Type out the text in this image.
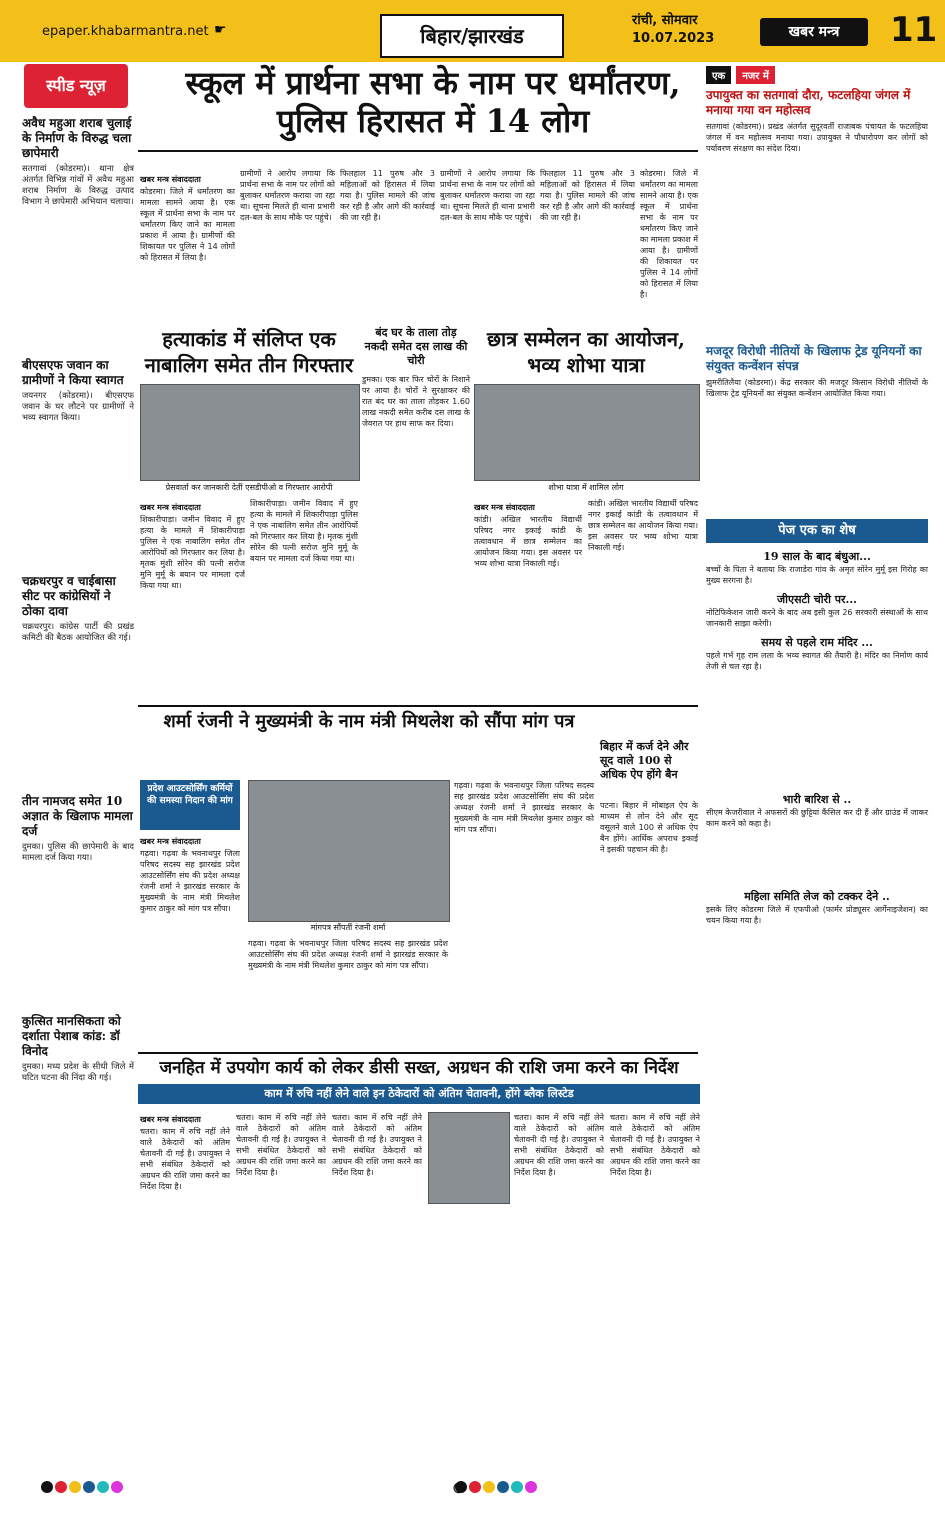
epaper.khabarmantra.net ☛	बिहार/झारखंड
रांची, सोमवार
10.07.2023	खबर मन्त्र	11
स्पीड न्यूज़	स्कूल में प्रार्थना सभा के नाम पर धर्मांतरण, पुलिस हिरासत में 14 लोग
अवैध महुआ शराब चुलाई के निर्माण के विरुद्ध चला छापेमारी
सतगावां (कोडरमा)। थाना क्षेत्र अंतर्गत विभिन्न गांवों में अवैध महुआ शराब निर्माण के विरुद्ध उत्पाद विभाग ने छापेमारी अभियान चलाया।
बीएसएफ जवान का ग्रामीणों ने किया स्वागत
जयनगर (कोडरमा)। बीएसएफ जवान के घर लौटने पर ग्रामीणों ने भव्य स्वागत किया।
चक्रधरपुर व चाईबासा सीट पर कांग्रेसियों ने ठोका दावा
चक्रधरपुर। कांग्रेस पार्टी की प्रखंड कमिटी की बैठक आयोजित की गई।
तीन नामजद समेत 10 अज्ञात के खिलाफ मामला दर्ज
दुमका। पुलिस की छापेमारी के बाद मामला दर्ज किया गया।
कुत्सित मानसिकता को दर्शाता पेशाब कांड: डॉ विनोद
दुमका। मध्य प्रदेश के सीधी जिले में घटित घटना की निंदा की गई।
खबर मन्त्र संवाददाता
कोडरमा। जिले में धर्मांतरण का मामला सामने आया है। एक स्कूल में प्रार्थना सभा के नाम पर धर्मांतरण किए जाने का मामला प्रकाश में आया है। ग्रामीणों की शिकायत पर पुलिस ने 14 लोगों को हिरासत में लिया है।
ग्रामीणों ने आरोप लगाया कि प्रार्थना सभा के नाम पर लोगों को बुलाकर धर्मांतरण कराया जा रहा था। सूचना मिलते ही थाना प्रभारी दल-बल के साथ मौके पर पहुंचे।
फिलहाल 11 पुरुष और 3 महिलाओं को हिरासत में लिया गया है। पुलिस मामले की जांच कर रही है और आगे की कार्रवाई की जा रही है।
ग्रामीणों ने आरोप लगाया कि प्रार्थना सभा के नाम पर लोगों को बुलाकर धर्मांतरण कराया जा रहा था। सूचना मिलते ही थाना प्रभारी दल-बल के साथ मौके पर पहुंचे।
फिलहाल 11 पुरुष और 3 महिलाओं को हिरासत में लिया गया है। पुलिस मामले की जांच कर रही है और आगे की कार्रवाई की जा रही है।
कोडरमा। जिले में धर्मांतरण का मामला सामने आया है। एक स्कूल में प्रार्थना सभा के नाम पर धर्मांतरण किए जाने का मामला प्रकाश में आया है। ग्रामीणों की शिकायत पर पुलिस ने 14 लोगों को हिरासत में लिया है।
हत्याकांड में संलिप्त एक नाबालिग समेत तीन गिरफ्तार
प्रेसवार्ता कर जानकारी देतीं एसडीपीओ व गिरफ्तार आरोपी
खबर मन्त्र संवाददाता
शिकारीपाड़ा। जमीन विवाद में हुए हत्या के मामले में शिकारीपाड़ा पुलिस ने एक नाबालिग समेत तीन आरोपियों को गिरफ्तार कर लिया है। मृतक मुंशी सोरेन की पत्नी सरोज मुनि मुर्मू के बयान पर मामला दर्ज किया गया था।
शिकारीपाड़ा। जमीन विवाद में हुए हत्या के मामले में शिकारीपाड़ा पुलिस ने एक नाबालिग समेत तीन आरोपियों को गिरफ्तार कर लिया है। मृतक मुंशी सोरेन की पत्नी सरोज मुनि मुर्मू के बयान पर मामला दर्ज किया गया था।
बंद घर के ताला तोड़ नकदी समेत दस लाख की चोरी
डुमका। एक बार फिर चोरों के निशाने पर आया है। चोरों ने सुरक्षाकर की रात बंद घर का ताला तोड़कर 1.60 लाख नकदी समेत करीब दस लाख के जेवरात पर हाथ साफ कर दिया।
छात्र सम्मेलन का आयोजन, भव्य शोभा यात्रा
शोभा यात्रा में शामिल लोग
खबर मन्त्र संवाददाता
कांडी। अखिल भारतीय विद्यार्थी परिषद नगर इकाई कांडी के तत्वावधान में छात्र सम्मेलन का आयोजन किया गया। इस अवसर पर भव्य शोभा यात्रा निकाली गई।
कांडी। अखिल भारतीय विद्यार्थी परिषद नगर इकाई कांडी के तत्वावधान में छात्र सम्मेलन का आयोजन किया गया। इस अवसर पर भव्य शोभा यात्रा निकाली गई।
शर्मा रंजनी ने मुख्यमंत्री के नाम मंत्री मिथलेश को सौंपा मांग पत्र
प्रदेश आउटसोर्सिंग कर्मियों की समस्या निदान की मांग
मांगपत्र सौंपतीं रंजनी शर्मा
खबर मन्त्र संवाददाता
गढ़वा। गढ़वा के भवनाथपुर जिला परिषद सदस्य सह झारखंड प्रदेश आउटसोर्सिंग संघ की प्रदेश अध्यक्ष रंजनी शर्मा ने झारखंड सरकार के मुख्यमंत्री के नाम मंत्री मिथलेश कुमार ठाकुर को मांग पत्र सौंपा।
गढ़वा। गढ़वा के भवनाथपुर जिला परिषद सदस्य सह झारखंड प्रदेश आउटसोर्सिंग संघ की प्रदेश अध्यक्ष रंजनी शर्मा ने झारखंड सरकार के मुख्यमंत्री के नाम मंत्री मिथलेश कुमार ठाकुर को मांग पत्र सौंपा।
गढ़वा। गढ़वा के भवनाथपुर जिला परिषद सदस्य सह झारखंड प्रदेश आउटसोर्सिंग संघ की प्रदेश अध्यक्ष रंजनी शर्मा ने झारखंड सरकार के मुख्यमंत्री के नाम मंत्री मिथलेश कुमार ठाकुर को मांग पत्र सौंपा।
बिहार में कर्ज देने और सूद वाले 100 से अधिक ऐप होंगे बैन
पटना। बिहार में मोबाइल ऐप के माध्यम से लोन देने और सूद वसूलने वाले 100 से अधिक ऐप बैन होंगे। आर्थिक अपराध इकाई ने इसकी पहचान की है।
जनहित में उपयोग कार्य को लेकर डीसी सख्त, अग्रधन की राशि जमा करने का निर्देश
काम में रुचि नहीं लेने वाले इन ठेकेदारों को अंतिम चेतावनी, होंगे ब्लैक लिस्टेड
खबर मन्त्र संवाददाता
चतरा। काम में रुचि नहीं लेने वाले ठेकेदारों को अंतिम चेतावनी दी गई है। उपायुक्त ने सभी संबंधित ठेकेदारों को अग्रधन की राशि जमा करने का निर्देश दिया है।
चतरा। काम में रुचि नहीं लेने वाले ठेकेदारों को अंतिम चेतावनी दी गई है। उपायुक्त ने सभी संबंधित ठेकेदारों को अग्रधन की राशि जमा करने का निर्देश दिया है।
चतरा। काम में रुचि नहीं लेने वाले ठेकेदारों को अंतिम चेतावनी दी गई है। उपायुक्त ने सभी संबंधित ठेकेदारों को अग्रधन की राशि जमा करने का निर्देश दिया है।
चतरा। काम में रुचि नहीं लेने वाले ठेकेदारों को अंतिम चेतावनी दी गई है। उपायुक्त ने सभी संबंधित ठेकेदारों को अग्रधन की राशि जमा करने का निर्देश दिया है।
चतरा। काम में रुचि नहीं लेने वाले ठेकेदारों को अंतिम चेतावनी दी गई है। उपायुक्त ने सभी संबंधित ठेकेदारों को अग्रधन की राशि जमा करने का निर्देश दिया है।
एक नजर में
उपायुक्त का सतगावां दौरा, फटलहिया जंगल में मनाया गया वन महोत्सव
सतगावां (कोडरमा)। प्रखंड अंतर्गत सुदूरवर्ती राजाबक पंचायत के फटलहिया जंगल में वन महोत्सव मनाया गया। उपायुक्त ने पौधारोपण कर लोगों को पर्यावरण संरक्षण का संदेश दिया।
मजदूर विरोधी नीतियों के खिलाफ ट्रेड यूनियनों का संयुक्त कन्वेंशन संपन्न
झुमरीतिलैया (कोडरमा)। केंद्र सरकार की मजदूर किसान विरोधी नीतियों के खिलाफ ट्रेड यूनियनों का संयुक्त कन्वेंशन आयोजित किया गया।
पेज एक का शेष
19 साल के बाद बंधुआ...
बच्चों के पिता ने बताया कि राजाडेरा गांव के अमृत सोरेन मुर्मू इस गिरोह का मुख्य सरगना है।
जीएसटी चोरी पर...
नोटिफिकेशन जारी करने के बाद अब इसी कुल 26 सरकारी संस्थाओं के साथ जानकारी साझा करेगी।
समय से पहले राम मंदिर ...
पहले गर्भ गृह राम लला के भव्य स्वागत की तैयारी है। मंदिर का निर्माण कार्य तेजी से चल रहा है।
भारी बारिश से ..
सीएम केजरीवाल ने अफसरों की छुट्टियां कैंसिल कर दी हैं और ग्राउंड में जाकर काम करने को कहा है।
महिला समिति लेज को टक्कर देने ..
इसके लिए कोडरमा जिले में एफपीओ (फार्मर प्रोड्यूसर आर्गेनाइजेशन) का चयन किया गया है।
⊕
